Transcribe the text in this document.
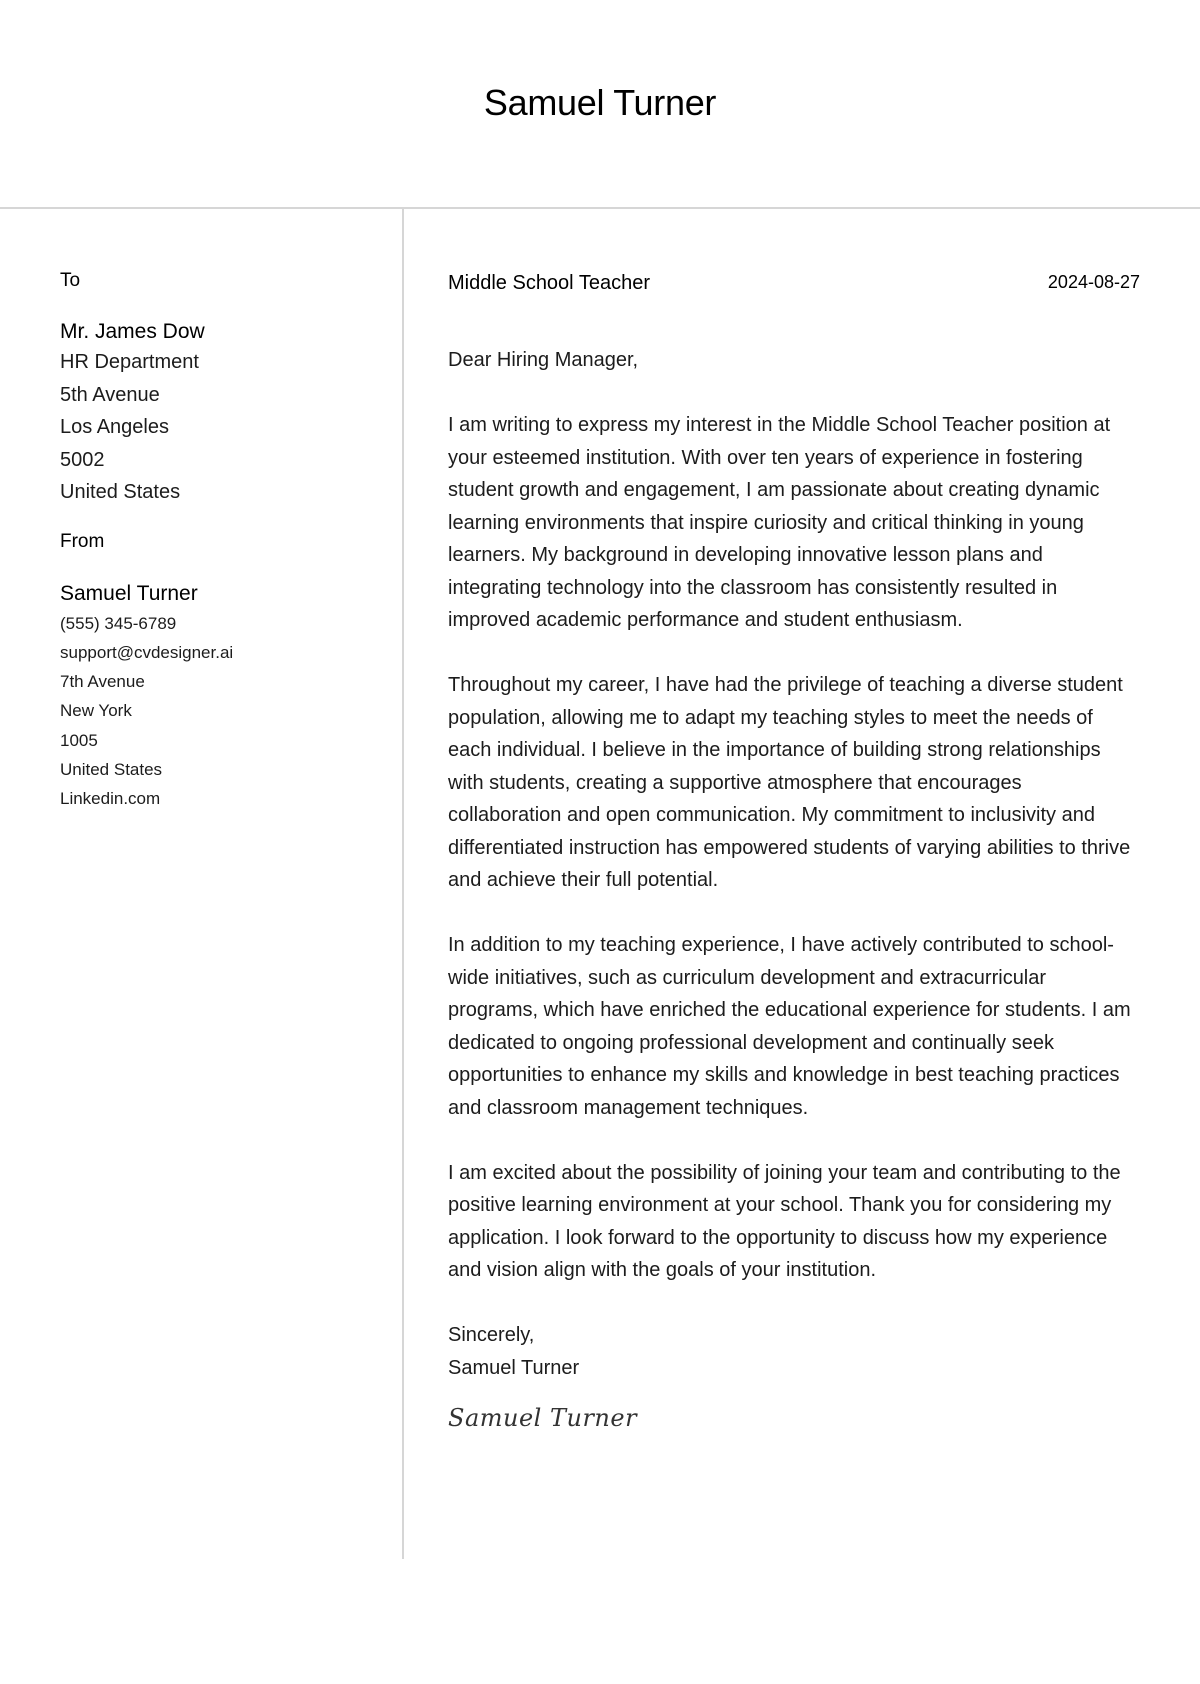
Samuel Turner
To
Mr. James Dow
HR Department
5th Avenue
Los Angeles
5002
United States
From
Samuel Turner
(555) 345-6789
support@cvdesigner.ai
7th Avenue
New York
1005
United States
Linkedin.com
Middle School Teacher	2024-08-27
Dear Hiring Manager,
I am writing to express my interest in the Middle School Teacher position at your esteemed institution. With over ten years of experience in fostering student growth and engagement, I am passionate about creating dynamic learning environments that inspire curiosity and critical thinking in young learners. My background in developing innovative lesson plans and integrating technology into the classroom has consistently resulted in improved academic performance and student enthusiasm.
Throughout my career, I have had the privilege of teaching a diverse student population, allowing me to adapt my teaching styles to meet the needs of each individual. I believe in the importance of building strong relationships with students, creating a supportive atmosphere that encourages collaboration and open communication. My commitment to inclusivity and differentiated instruction has empowered students of varying abilities to thrive and achieve their full potential.
In addition to my teaching experience, I have actively contributed to school-wide initiatives, such as curriculum development and extracurricular programs, which have enriched the educational experience for students. I am dedicated to ongoing professional development and continually seek opportunities to enhance my skills and knowledge in best teaching practices and classroom management techniques.
I am excited about the possibility of joining your team and contributing to the positive learning environment at your school. Thank you for considering my application. I look forward to the opportunity to discuss how my experience and vision align with the goals of your institution.
Sincerely,
Samuel Turner
Samuel Turner
